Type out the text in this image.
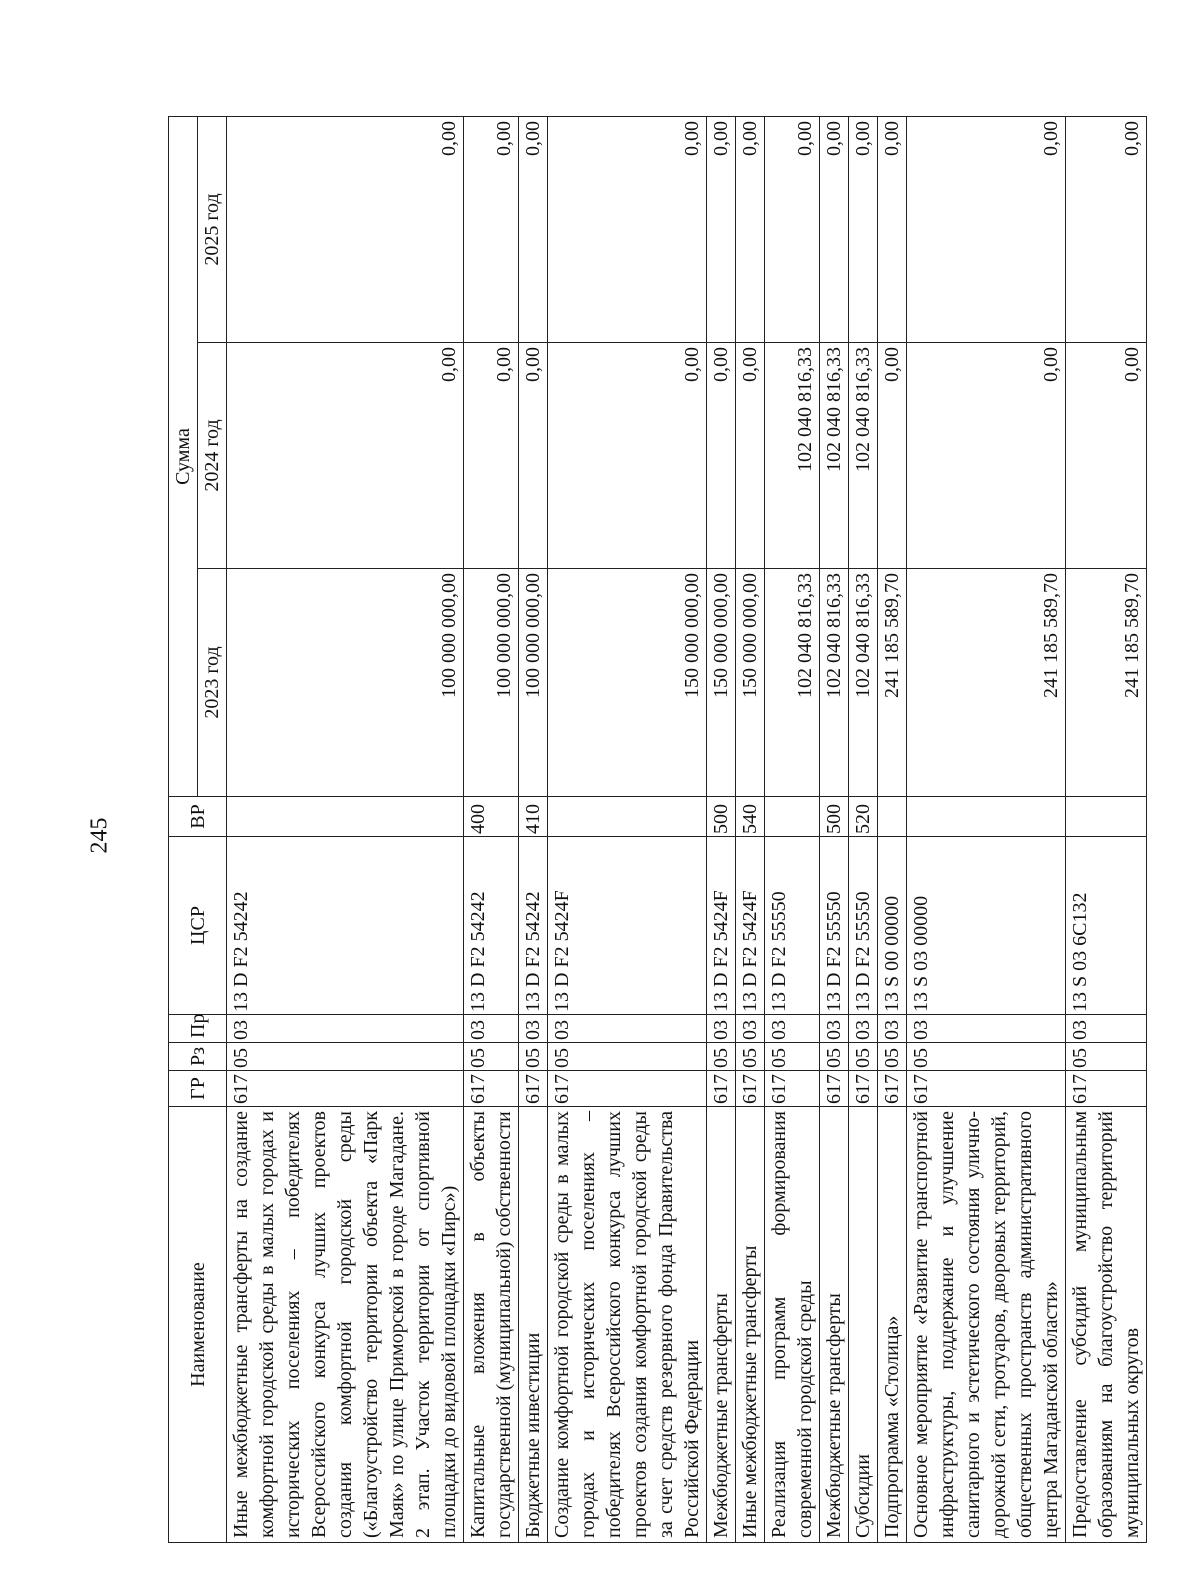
245
Наименование	ГР	Рз	Пр	ЦСР	ВР	Сумма		
						2023 год	2024 год	2025 год
Иные межбюджетные трансферты на создание комфортной городской среды в малых городах и исторических поселениях – победителях Всероссийского конкурса лучших проектов создания комфортной городской среды («Благоустройство территории объекта «Парк Маяк» по улице Приморской в городе Магадане. 2 этап. Участок территории от спортивной площадки до видовой площадки «Пирс»)	617	05	03	13 D F2 54242		100 000 000,00	0,00	0,00
Капитальные вложения в объекты государственной (муниципальной) собственности	617	05	03	13 D F2 54242	400	100 000 000,00	0,00	0,00
Бюджетные инвестиции	617	05	03	13 D F2 54242	410	100 000 000,00	0,00	0,00
Создание комфортной городской среды в малых городах и исторических поселениях – победителях Всероссийского конкурса лучших проектов создания комфортной городской среды за счет средств резервного фонда Правительства Российской Федерации	617	05	03	13 D F2 5424F		150 000 000,00	0,00	0,00
Межбюджетные трансферты	617	05	03	13 D F2 5424F	500	150 000 000,00	0,00	0,00
Иные межбюджетные трансферты	617	05	03	13 D F2 5424F	540	150 000 000,00	0,00	0,00
Реализация программ формирования современной городской среды	617	05	03	13 D F2 55550		102 040 816,33	102 040 816,33	0,00
Межбюджетные трансферты	617	05	03	13 D F2 55550	500	102 040 816,33	102 040 816,33	0,00
Субсидии	617	05	03	13 D F2 55550	520	102 040 816,33	102 040 816,33	0,00
Подпрограмма «Столица»	617	05	03	13 S 00 00000		241 185 589,70	0,00	0,00
Основное мероприятие «Развитие транспортной инфраструктуры, поддержание и улучшение санитарного и эстетического состояния улично-дорожной сети, тротуаров, дворовых территорий, общественных пространств административного центра Магаданской области»	617	05	03	13 S 03 00000		241 185 589,70	0,00	0,00
Предоставление субсидий муниципальным образованиям на благоустройство территорий муниципальных округов	617	05	03	13 S 03 6С132		241 185 589,70	0,00	0,00
